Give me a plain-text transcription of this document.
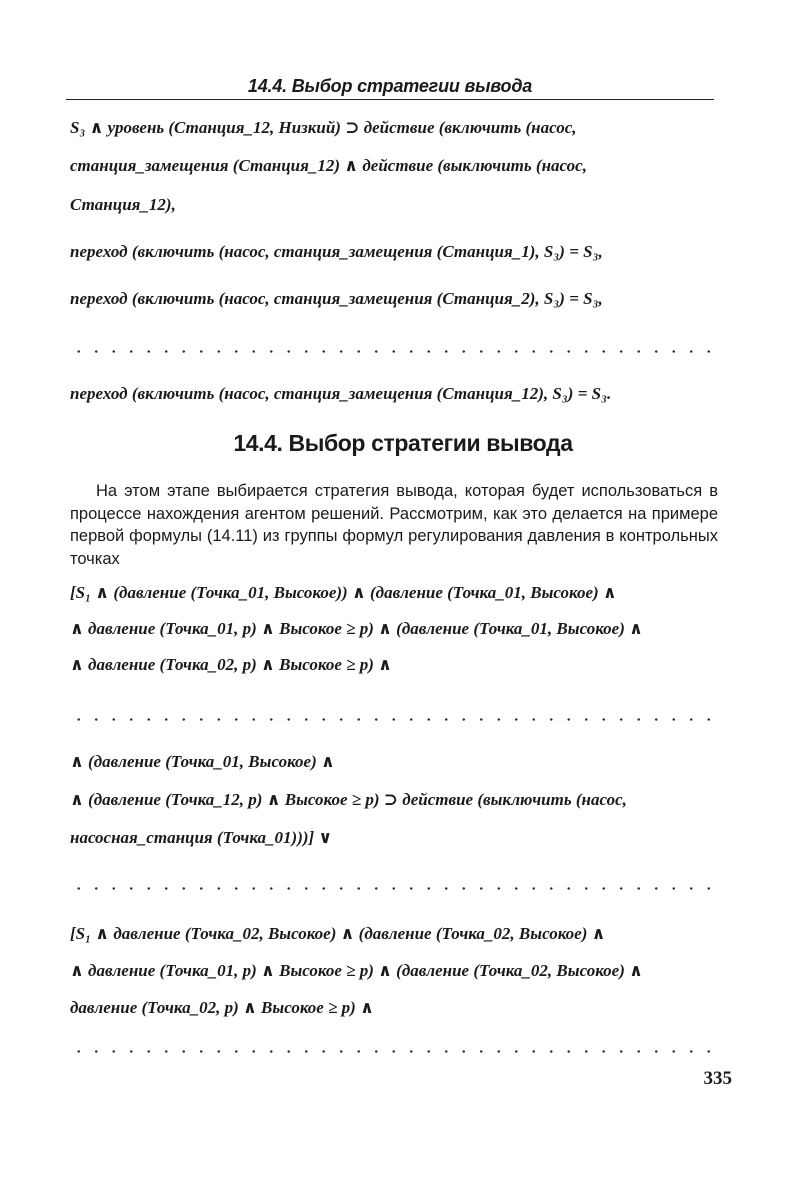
14.4. Выбор стратегии вывода
S₃ ∧ уровень (Станция_12, Низкий) ⊃ действие (включить (насос,
станция_замещения (Станция_12) ∧ действие (выключить (насос,
Станция_12),
переход (включить (насос, станция_замещения (Станция_1), S₃) = S₃,
переход (включить (насос, станция_замещения (Станция_2), S₃) = S₃,
переход (включить (насос, станция_замещения (Станция_12), S₃) = S₃.
14.4. Выбор стратегии вывода
На этом этапе выбирается стратегия вывода, которая будет использоваться в процессе нахождения агентом решений. Рассмотрим, как это делается на примере первой формулы (14.11) из группы формул регулирования давления в контрольных точках
[S₁ ∧ (давление (Точка_01, Высокое)) ∧ (давление (Точка_01, Высокое) ∧
∧ давление (Точка_01, p) ∧ Высокое ≥ p) ∧ (давление (Точка_01, Высокое) ∧
∧ давление (Точка_02, p) ∧ Высокое ≥ p) ∧
∧ (давление (Точка_01, Высокое) ∧
∧ (давление (Точка_12, p) ∧ Высокое ≥ p) ⊃ действие (выключить (насос,
насосная_станция (Точка_01)))] ∨
[S₁ ∧ давление (Точка_02, Высокое) ∧ (давление (Точка_02, Высокое) ∧
∧ давление (Точка_01, p) ∧ Высокое ≥ p) ∧ (давление (Точка_02, Высокое) ∧
давление (Точка_02, p) ∧ Высокое ≥ p) ∧
335
